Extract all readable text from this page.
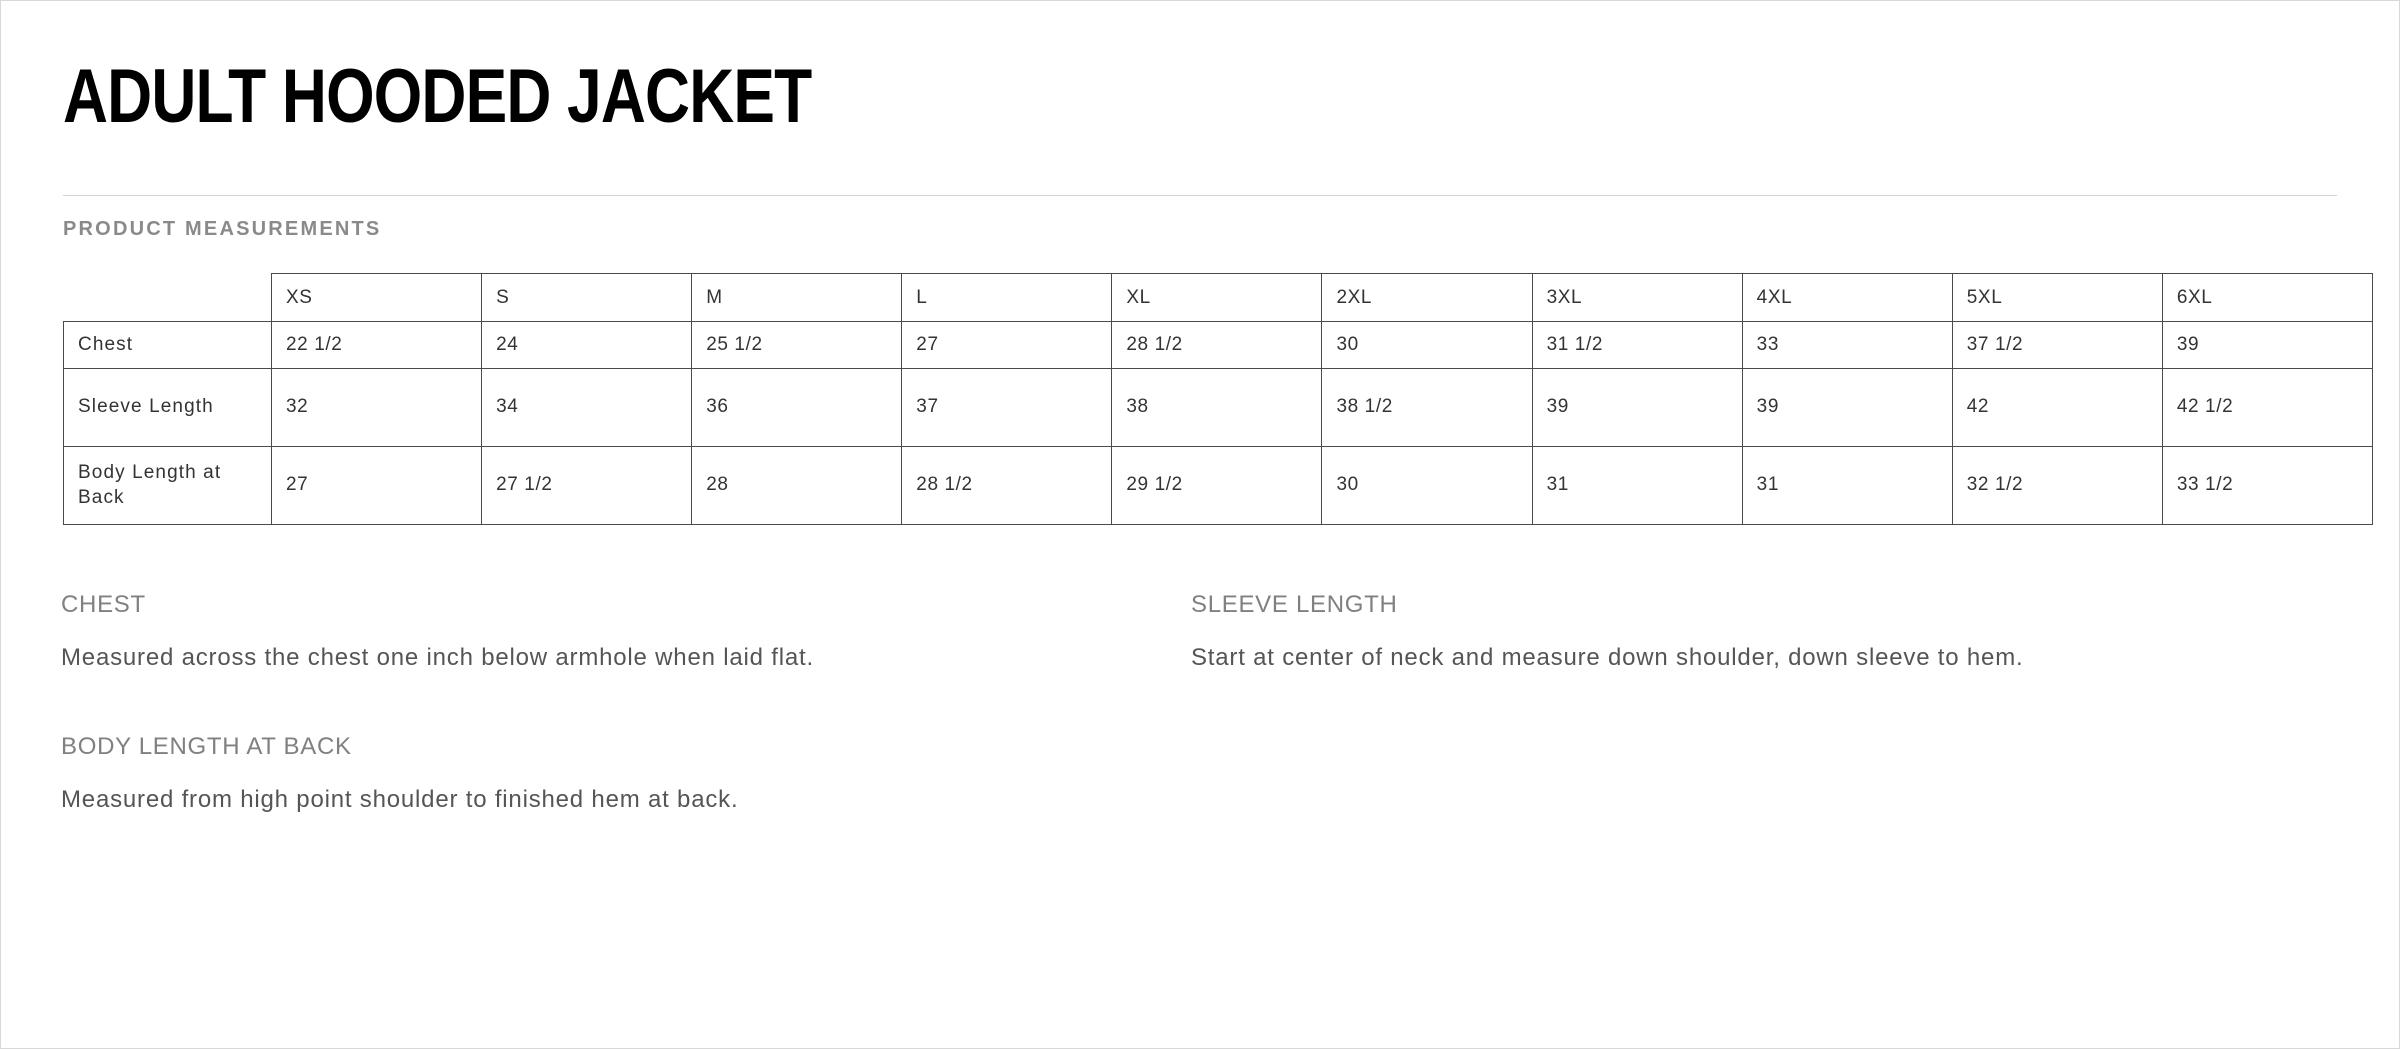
ADULT HOODED JACKET
PRODUCT MEASUREMENTS
	XS	S	M	L	XL	2XL	3XL	4XL	5XL	6XL
Chest	22 1/2	24	25 1/2	27	28 1/2	30	31 1/2	33	37 1/2	39
Sleeve Length	32	34	36	37	38	38 1/2	39	39	42	42 1/2
Body Length at Back	27	27 1/2	28	28 1/2	29 1/2	30	31	31	32 1/2	33 1/2
CHEST
Measured across the chest one inch below armhole when laid flat.
SLEEVE LENGTH
Start at center of neck and measure down shoulder, down sleeve to hem.
BODY LENGTH AT BACK
Measured from high point shoulder to finished hem at back.
